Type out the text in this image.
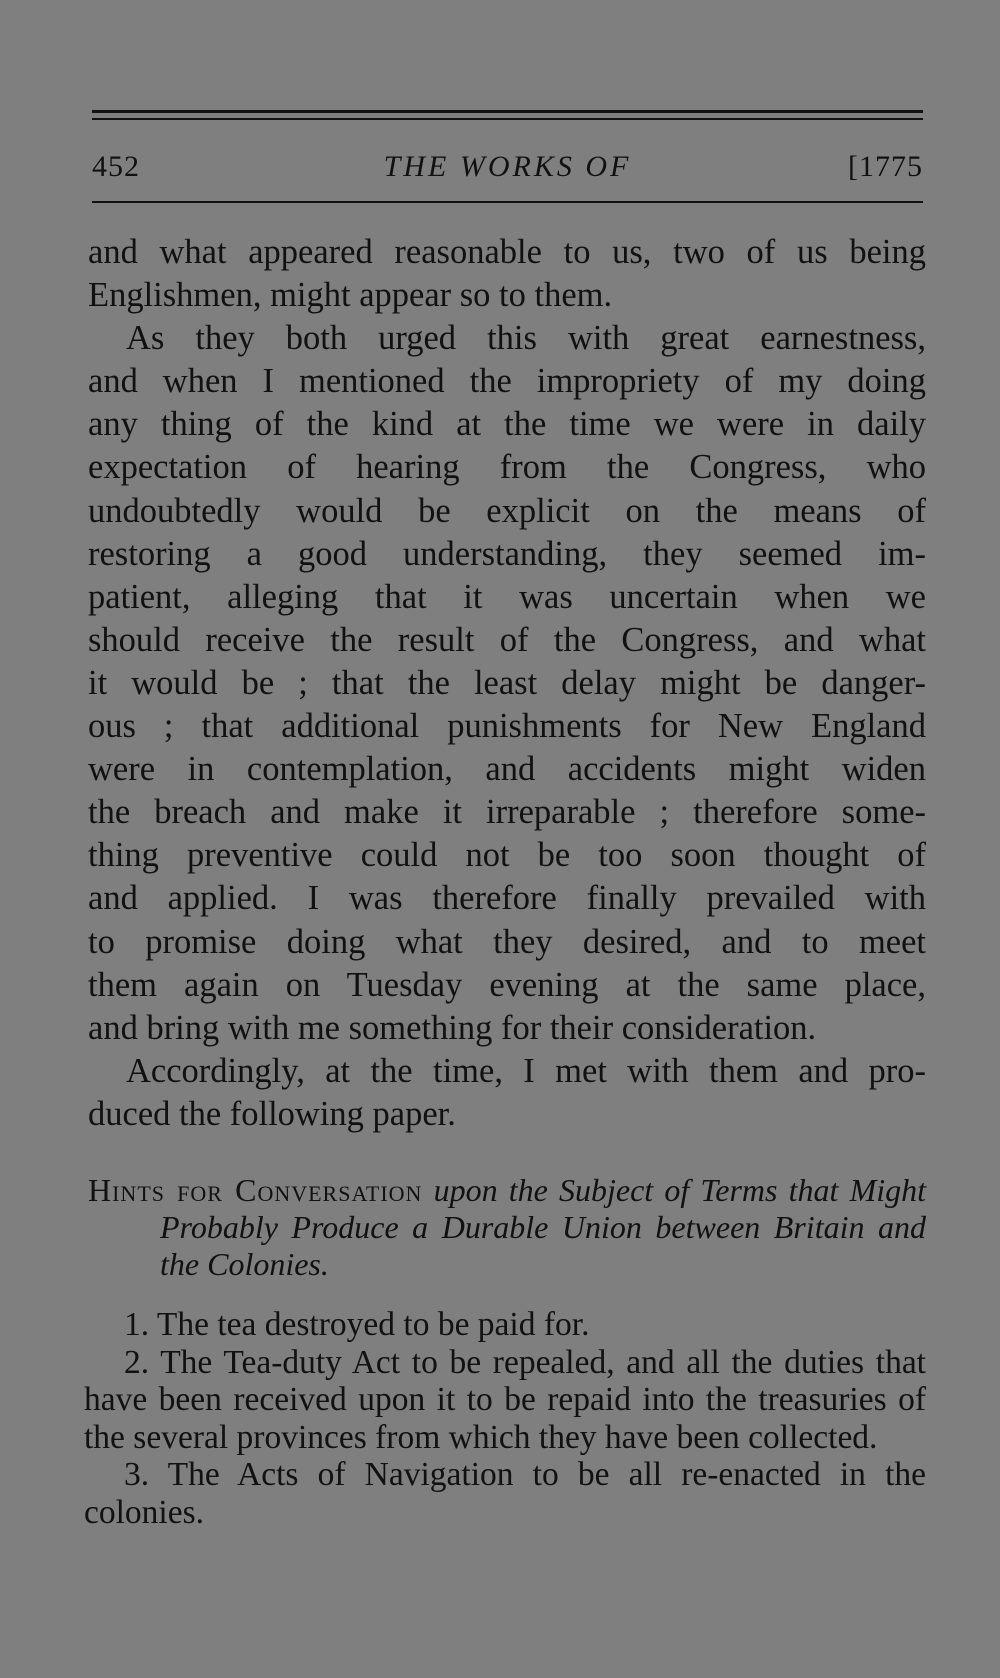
452	THE WORKS OF	[1775

and what appeared reasonable to us, two of us being
Englishmen, might appear so to them.

As they both urged this with great earnestness,
and when I mentioned the impropriety of my doing
any thing of the kind at the time we were in daily
expectation of hearing from the Congress, who
undoubtedly would be explicit on the means of
restoring a good understanding, they seemed im-
patient, alleging that it was uncertain when we
should receive the result of the Congress, and what
it would be ; that the least delay might be danger-
ous ; that additional punishments for New England
were in contemplation, and accidents might widen
the breach and make it irreparable ; therefore some-
thing preventive could not be too soon thought of
and applied. I was therefore finally prevailed with
to promise doing what they desired, and to meet
them again on Tuesday evening at the same place,
and bring with me something for their consideration.

Accordingly, at the time, I met with them and pro-
duced the following paper.

Hints for Conversation upon the Subject of Terms that Might Probably Produce a Durable Union between Britain and the Colonies.

1. The tea destroyed to be paid for.

2. The Tea-duty Act to be repealed, and all the duties that have been received upon it to be repaid into the treasuries of the several provinces from which they have been collected.

3. The Acts of Navigation to be all re-enacted in the colonies.
